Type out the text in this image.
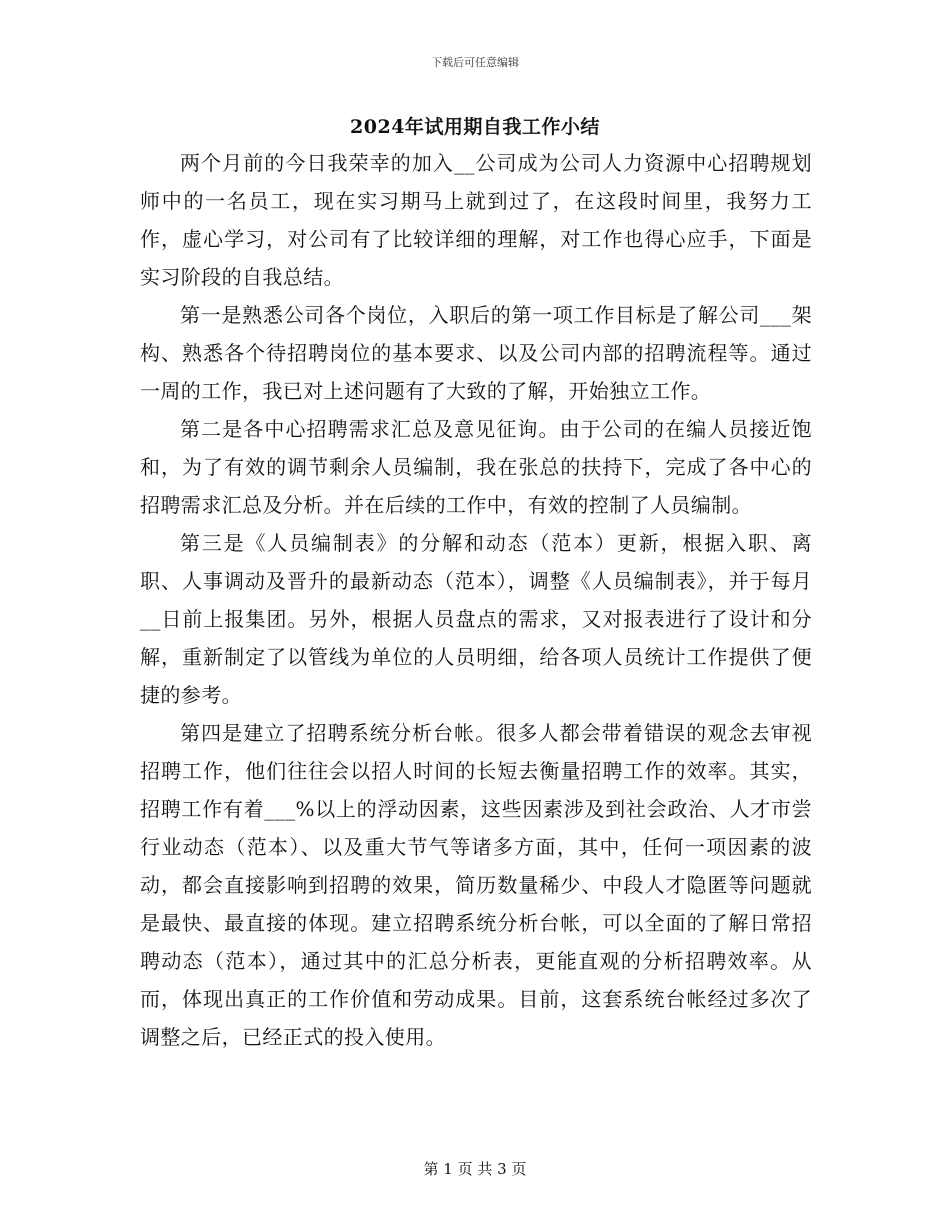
下载后可任意编辑
2024年试用期自我工作小结

两个月前的今日我荣幸的加入__公司成为公司人力资源中心招聘规划师中的一名员工，现在实习期马上就到过了，在这段时间里，我努力工作，虚心学习，对公司有了比较详细的理解，对工作也得心应手，下面是实习阶段的自我总结。

第一是熟悉公司各个岗位，入职后的第一项工作目标是了解公司___架构、熟悉各个待招聘岗位的基本要求、以及公司内部的招聘流程等。通过一周的工作，我已对上述问题有了大致的了解，开始独立工作。

第二是各中心招聘需求汇总及意见征询。由于公司的在编人员接近饱和，为了有效的调节剩余人员编制，我在张总的扶持下，完成了各中心的招聘需求汇总及分析。并在后续的工作中，有效的控制了人员编制。

第三是《人员编制表》的分解和动态（范本）更新，根据入职、离职、人事调动及晋升的最新动态（范本），调整《人员编制表》，并于每月__日前上报集团。另外，根据人员盘点的需求，又对报表进行了设计和分解，重新制定了以管线为单位的人员明细，给各项人员统计工作提供了便捷的参考。

第四是建立了招聘系统分析台帐。很多人都会带着错误的观念去审视招聘工作，他们往往会以招人时间的长短去衡量招聘工作的效率。其实，招聘工作有着___%以上的浮动因素，这些因素涉及到社会政治、人才市尝行业动态（范本）、以及重大节气等诸多方面，其中，任何一项因素的波动，都会直接影响到招聘的效果，简历数量稀少、中段人才隐匿等问题就是最快、最直接的体现。建立招聘系统分析台帐，可以全面的了解日常招聘动态（范本），通过其中的汇总分析表，更能直观的分析招聘效率。从而，体现出真正的工作价值和劳动成果。目前，这套系统台帐经过多次了调整之后，已经正式的投入使用。

第 1 页 共 3 页
